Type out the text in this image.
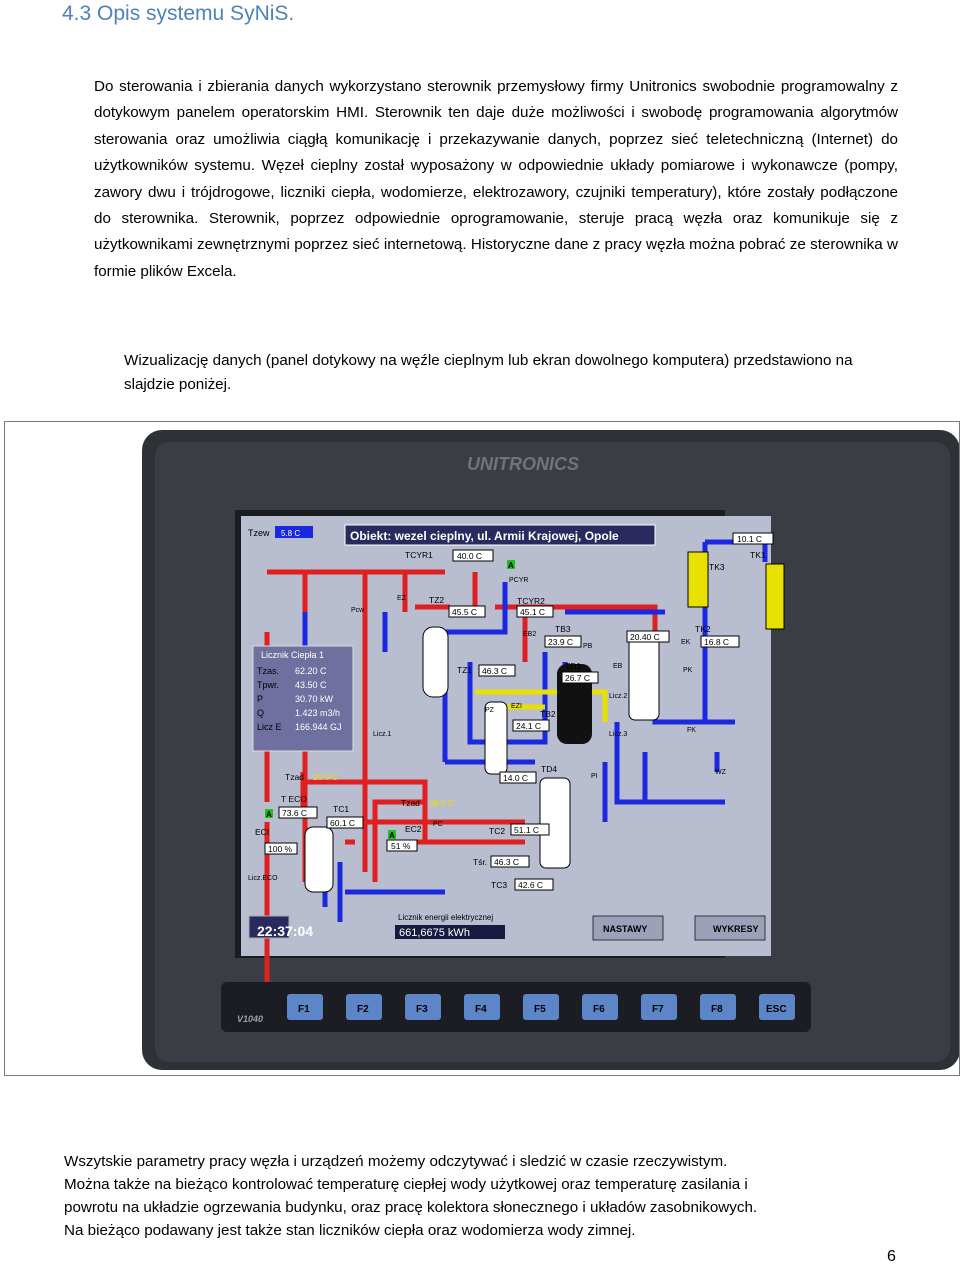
4.3 Opis systemu SyNiS.
Do sterowania i zbierania danych wykorzystano sterownik przemysłowy firmy Unitronics swobodnie programowalny z dotykowym panelem operatorskim HMI. Sterownik ten daje duże możliwości i swobodę programowania algorytmów sterowania oraz umożliwia ciągłą komunikację i przekazywanie danych, poprzez sieć teletechniczną (Internet) do użytkowników systemu. Węzeł cieplny został wyposażony w odpowiednie układy pomiarowe i wykonawcze (pompy, zawory dwu i trójdrogowe, liczniki ciepła, wodomierze, elektrozawory, czujniki temperatury), które zostały podłączone do sterownika. Sterownik, poprzez odpowiednie oprogramowanie, steruje pracą węzła oraz komunikuje się z użytkownikami zewnętrznymi poprzez sieć internetową. Historyczne dane z pracy węzła można pobrać ze sterownika w formie plików Excela.
Wizualizację danych (panel dotykowy na węźle cieplnym lub ekran dowolnego komputera) przedstawiono na slajdzie poniżej.
UNITRONICS
Tzew 5.8 C	Obiekt: wezel cieplny, ul. Armii Krajowej, Opole
Licznik Ciepła 1
Tzas. 62.20 C
Tpwr. 43.50 C
P	30.70 kW
Q	1.423 m3/h
Licz E 166.944 GJ
TCYR1	40.0 C
TCYR2
45.1 C
TZ2
45.5 C
TB3
23.9 C	20.40 C
TZ1 46.3 C	TD1
26.7 C
TB2
24.1 C
TD4
14.0 C
10.1 C
TK1
TK3
TK2
16.8 C
T ECO
73.6 C	TC1
60.1 C
TC2 51.1 C
Tśr. 46.3 C
TC3 42.6 C
Tzad 25.0 C
Tzad 48.0 C
ECI
100 %
EC2
51 %
EZ
PCYR
Pcw
EB2
PB
EB
EK
PK
FK
PZ
EZI
PI
WZ
PC
Licz.1
Licz.2
Licz.3
Licz.ECO
A
A
A
22:37:04
Licznik energii elektrycznej
661,6675 kWh	NASTAWY	WYKRESY
V1040
F1	F2	F3	F4	F5	F6	F7	F8	ESC
Wszytskie parametry pracy węzła i urządzeń możemy odczytywać i sledzić w czasie rzeczywistym.
Można także na bieżąco kontrolować temperaturę ciepłej wody użytkowej oraz temperaturę zasilania i
powrotu na układzie ogrzewania budynku, oraz pracę kolektora słonecznego i układów zasobnikowych.
Na bieżąco podawany jest także stan liczników ciepła oraz wodomierza wody zimnej.
6
